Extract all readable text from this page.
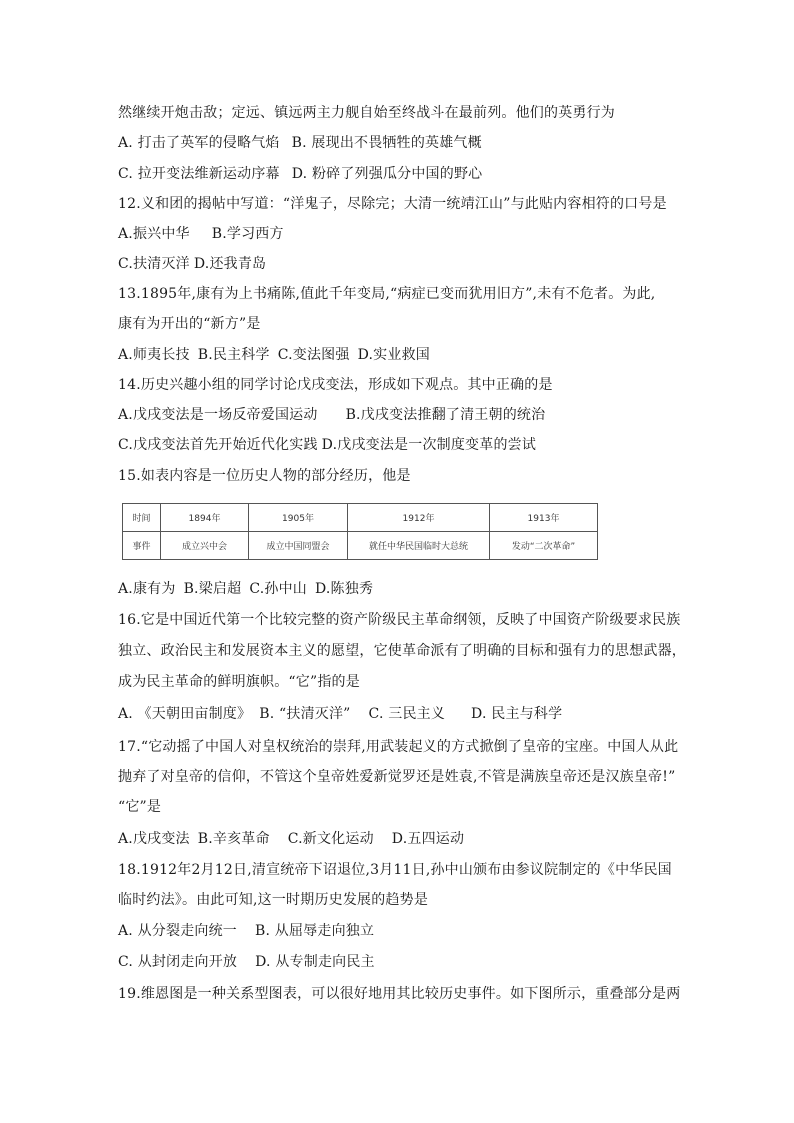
然继续开炮击敌；定远、镇远两主力舰自始至终战斗在最前列。他们的英勇行为
A. 打击了英军的侵略气焰 B. 展现出不畏牺牲的英雄气概
C. 拉开变法维新运动序幕 D. 粉碎了列强瓜分中国的野心
12.义和团的揭帖中写道：“洋鬼子，尽除完；大清一统靖江山”与此贴内容相符的口号是
A.振兴中华 B.学习西方
C.扶清灭洋 D.还我青岛
13.1895年,康有为上书痛陈,值此千年变局,“病症已变而犹用旧方”,未有不危者。为此,
康有为开出的“新方”是
A.师夷长技 B.民主科学 C.变法图强 D.实业救国
14.历史兴趣小组的同学讨论戊戌变法，形成如下观点。其中正确的是
A.戊戌变法是一场反帝爱国运动 B.戊戌变法推翻了清王朝的统治
C.戊戌变法首先开始近代化实践 D.戊戌变法是一次制度变革的尝试
15.如表内容是一位历史人物的部分经历，他是
时间	1894年	1905年	1912年	1913年
事件	成立兴中会	成立中国同盟会	就任中华民国临时大总统	发动“二次革命”
A.康有为 B.梁启超 C.孙中山 D.陈独秀
16.它是中国近代第一个比较完整的资产阶级民主革命纲领，反映了中国资产阶级要求民族
独立、政治民主和发展资本主义的愿望，它使革命派有了明确的目标和强有力的思想武器，
成为民主革命的鲜明旗帜。“它”指的是
A. 《天朝田亩制度》 B. “扶清灭洋” C. 三民主义 D. 民主与科学
17.“它动摇了中国人对皇权统治的崇拜,用武装起义的方式掀倒了皇帝的宝座。中国人从此
抛弃了对皇帝的信仰，不管这个皇帝姓爱新觉罗还是姓袁,不管是满族皇帝还是汉族皇帝!”
“它”是
A.戊戌变法 B.辛亥革命 C.新文化运动 D.五四运动
18.1912年2月12日,清宣统帝下诏退位,3月11日,孙中山颁布由参议院制定的《中华民国
临时约法》。由此可知,这一时期历史发展的趋势是
A. 从分裂走向统一 B. 从屈辱走向独立
C. 从封闭走向开放 D. 从专制走向民主
19.维恩图是一种关系型图表，可以很好地用其比较历史事件。如下图所示，重叠部分是两
